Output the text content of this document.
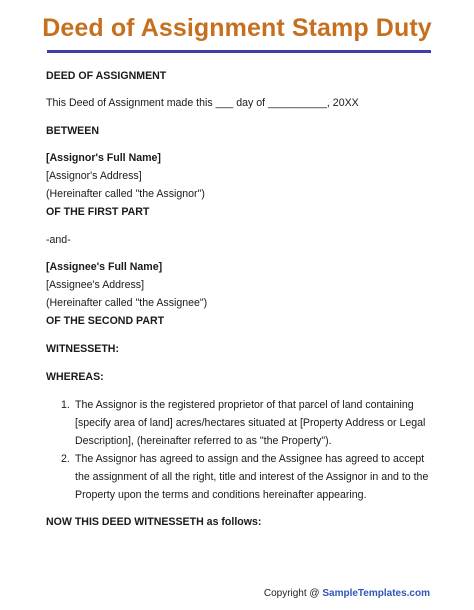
Deed of Assignment Stamp Duty
DEED OF ASSIGNMENT
This Deed of Assignment made this ___ day of __________, 20XX
BETWEEN
[Assignor's Full Name]
[Assignor's Address]
(Hereinafter called "the Assignor")
OF THE FIRST PART
-and-
[Assignee's Full Name]
[Assignee's Address]
(Hereinafter called "the Assignee")
OF THE SECOND PART
WITNESSETH:
WHEREAS:
1. The Assignor is the registered proprietor of that parcel of land containing [specify area of land] acres/hectares situated at [Property Address or Legal Description], (hereinafter referred to as "the Property").
2. The Assignor has agreed to assign and the Assignee has agreed to accept the assignment of all the right, title and interest of the Assignor in and to the Property upon the terms and conditions hereinafter appearing.
NOW THIS DEED WITNESSETH as follows:
Copyright @ SampleTemplates.com
